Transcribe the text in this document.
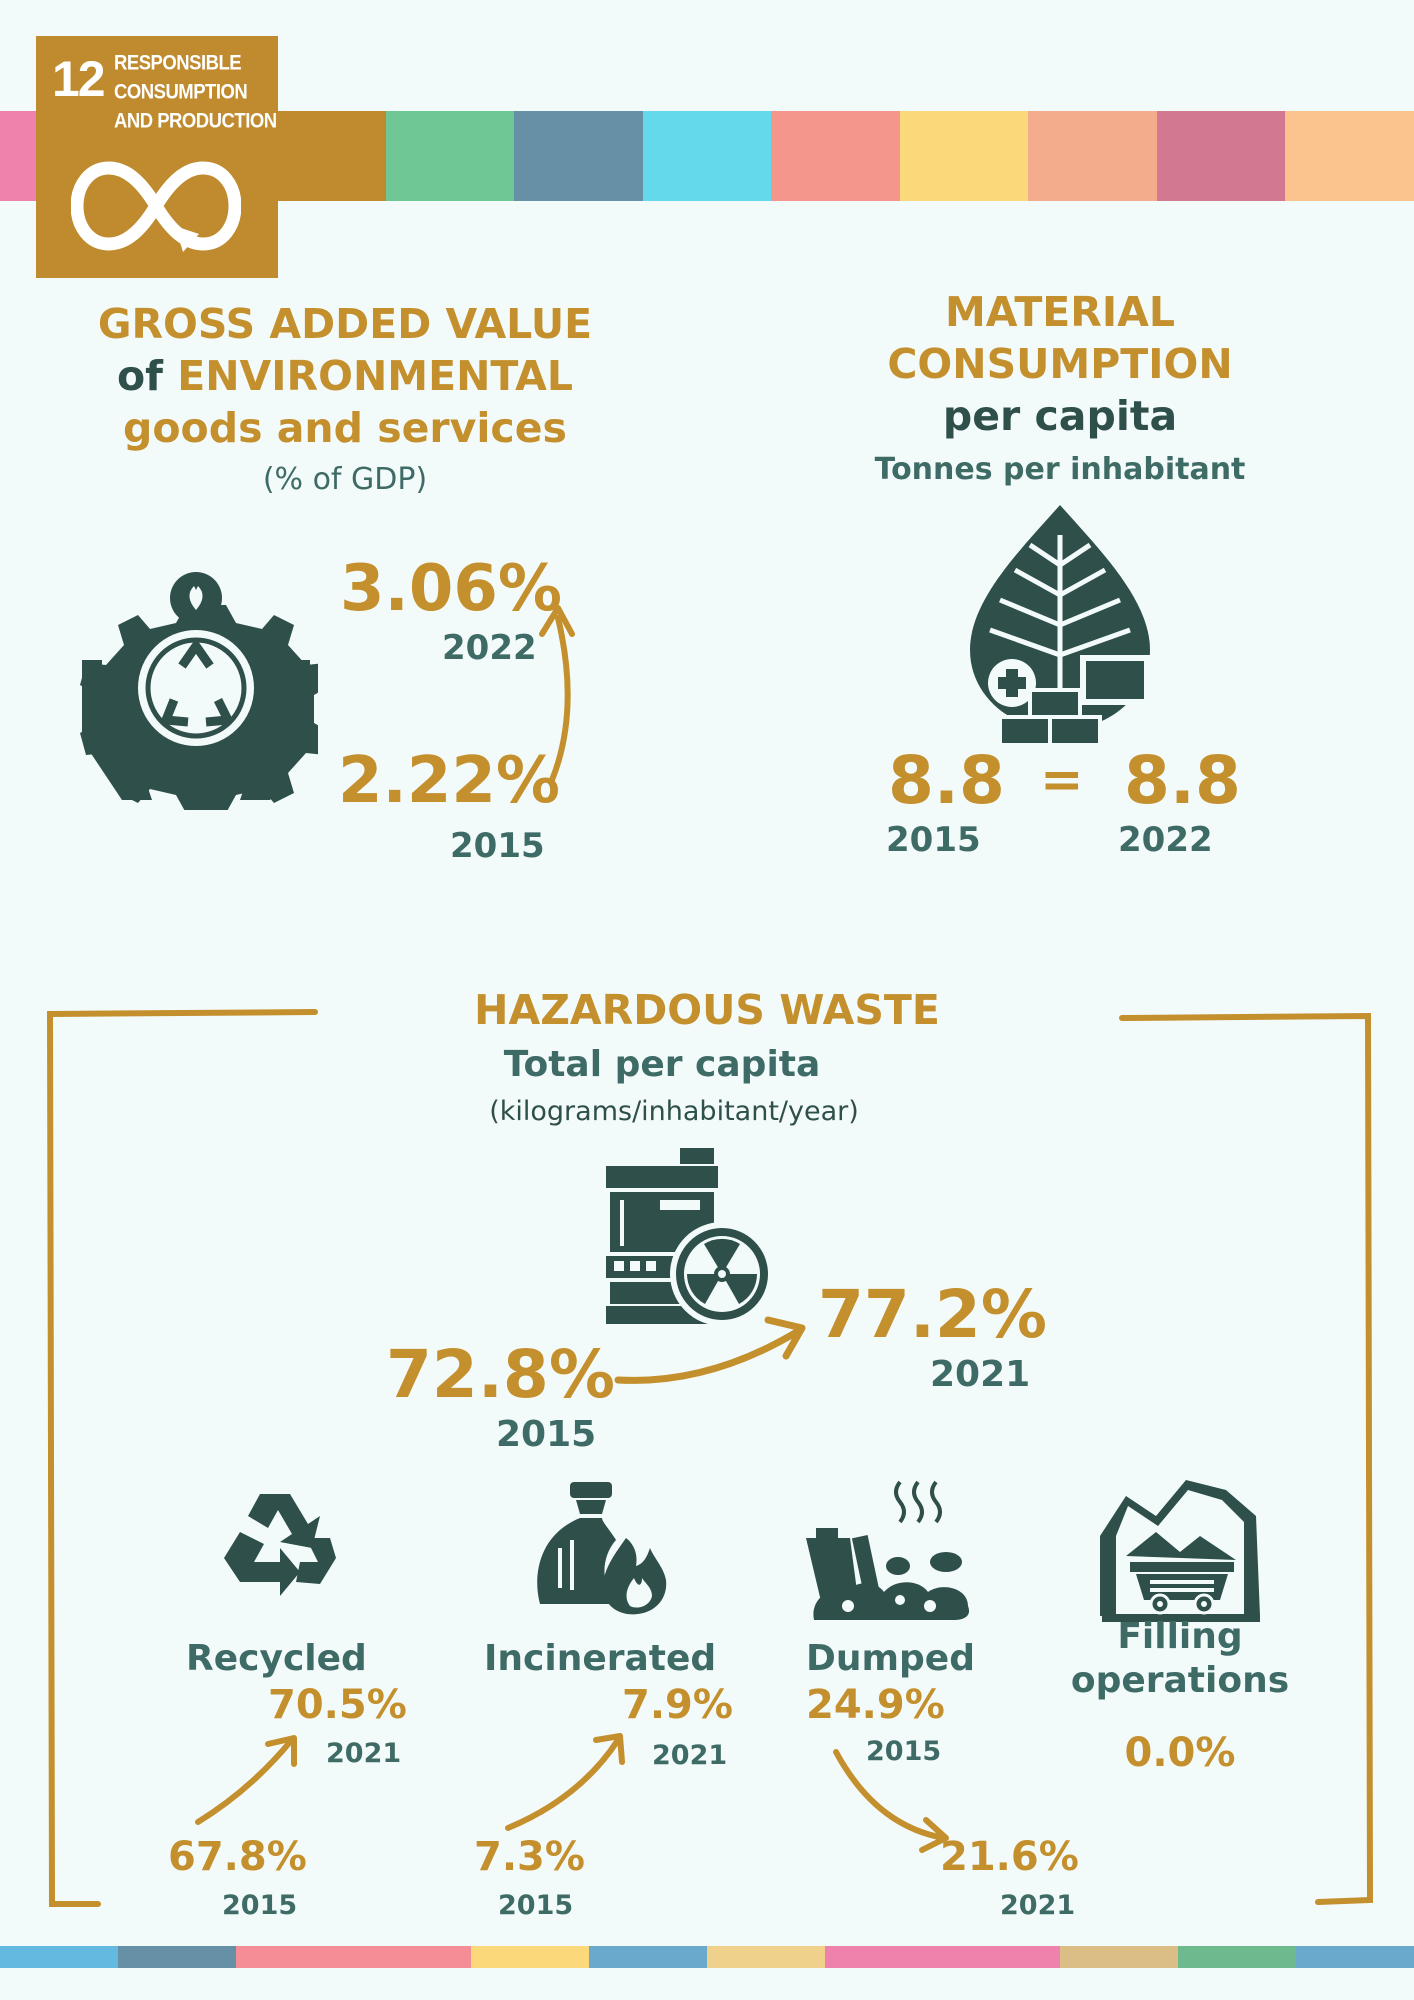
12 RESPONSIBLE
CONSUMPTION
AND PRODUCTION
GROSS ADDED VALUE
of ENVIRONMENTAL
goods and services
(% of GDP)
3.06%
2022
2.22%
2015
MATERIAL
CONSUMPTION
per capita
Tonnes per inhabitant
8.8
2015
= 8.8
2022
HAZARDOUS WASTE
Total per capita
(kilograms/inhabitant/year)
72.8%
2015
77.2%
2021
Recycled
70.5%
2021
67.8%
2015
Incinerated
7.9%
2021
7.3%
2015
Dumped
24.9%
2015
21.6%
2021
Filling
operations
0.0%
